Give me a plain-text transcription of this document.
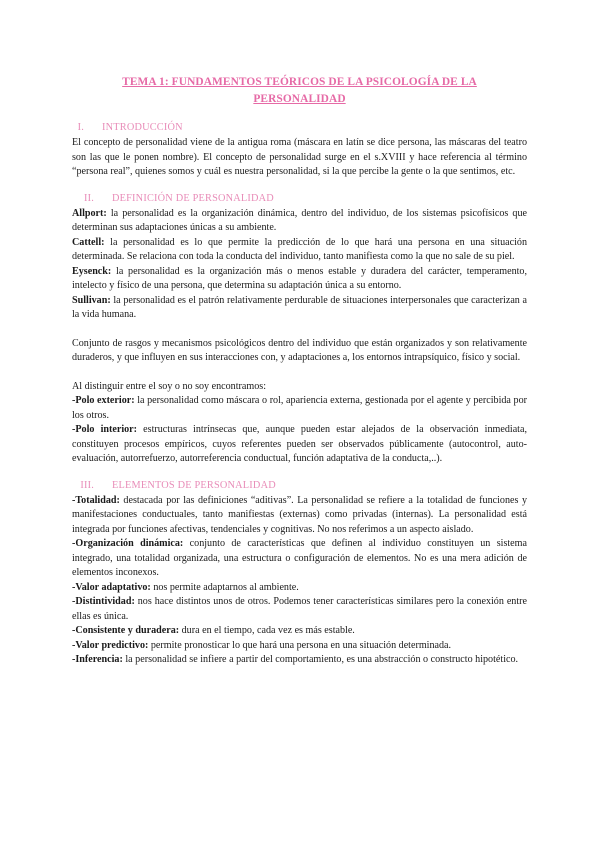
TEMA 1: FUNDAMENTOS TEÓRICOS DE LA PSICOLOGÍA DE LA PERSONALIDAD
I. INTRODUCCIÓN

El concepto de personalidad viene de la antigua roma (máscara en latín se dice persona, las máscaras del teatro son las que le ponen nombre). El concepto de personalidad surge en el s.XVIII y hace referencia al término “persona real”, quienes somos y cuál es nuestra personalidad, si la que percibe la gente o la que sentimos, etc.

II. DEFINICIÓN DE PERSONALIDAD

Allport: la personalidad es la organización dinámica, dentro del individuo, de los sistemas psicofísicos que determinan sus adaptaciones únicas a su ambiente.

Cattell: la personalidad es lo que permite la predicción de lo que hará una persona en una situación determinada. Se relaciona con toda la conducta del individuo, tanto manifiesta como la que no sale de su piel.

Eysenck: la personalidad es la organización más o menos estable y duradera del carácter, temperamento, intelecto y físico de una persona, que determina su adaptación única a su entorno.

Sullivan: la personalidad es el patrón relativamente perdurable de situaciones interpersonales que caracterizan a la vida humana.

Conjunto de rasgos y mecanismos psicológicos dentro del individuo que están organizados y son relativamente duraderos, y que influyen en sus interacciones con, y adaptaciones a, los entornos intrapsíquico, físico y social.

Al distinguir entre el soy o no soy encontramos:

-Polo exterior: la personalidad como máscara o rol, apariencia externa, gestionada por el agente y percibida por los otros.

-Polo interior: estructuras intrínsecas que, aunque pueden estar alejados de la observación inmediata, constituyen procesos empíricos, cuyos referentes pueden ser observados públicamente (autocontrol, auto-evaluación, autorrefuerzo, autorreferencia conductual, función adaptativa de la conducta,..).

III. ELEMENTOS DE PERSONALIDAD

-Totalidad: destacada por las definiciones “aditivas”. La personalidad se refiere a la totalidad de funciones y manifestaciones conductuales, tanto manifiestas (externas) como privadas (internas). La personalidad está integrada por funciones afectivas, tendenciales y cognitivas. No nos referimos a un aspecto aislado.

-Organización dinámica: conjunto de características que definen al individuo constituyen un sistema integrado, una totalidad organizada, una estructura o configuración de elementos. No es una mera adición de elementos inconexos.

-Valor adaptativo: nos permite adaptarnos al ambiente.

-Distintividad: nos hace distintos unos de otros. Podemos tener características similares pero la conexión entre ellas es única.

-Consistente y duradera: dura en el tiempo, cada vez es más estable.

-Valor predictivo: permite pronosticar lo que hará una persona en una situación determinada.

-Inferencia: la personalidad se infiere a partir del comportamiento, es una abstracción o constructo hipotético.
